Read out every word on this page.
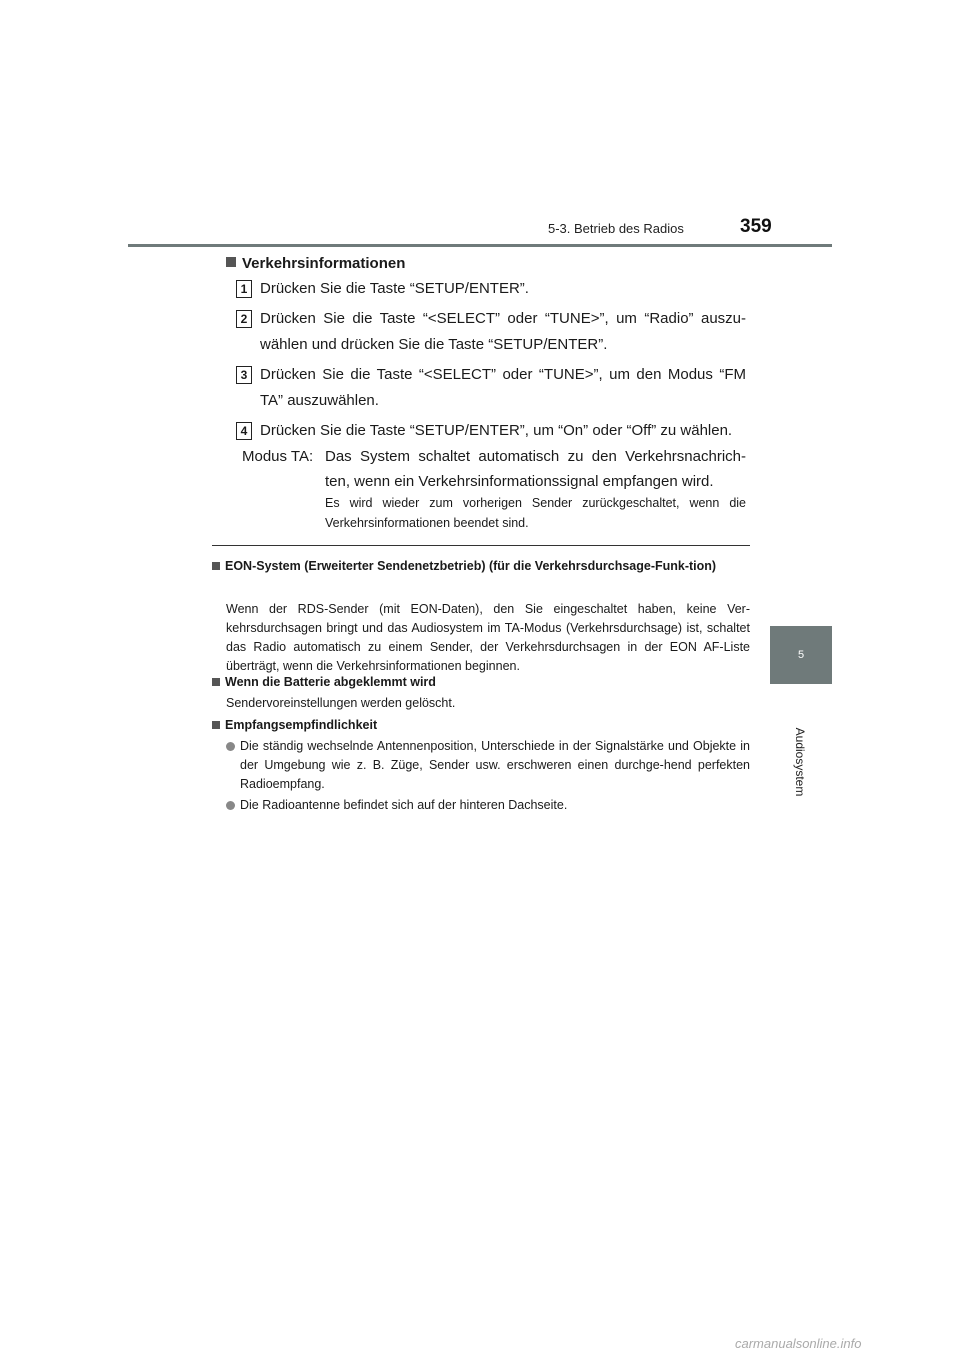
5-3. Betrieb des Radios	359
5
Audiosystem
Verkehrsinformationen
1 Drücken Sie die Taste “SETUP/ENTER”.
2 Drücken Sie die Taste “<SELECT” oder “TUNE>”, um “Radio” auszu-wählen und drücken Sie die Taste “SETUP/ENTER”.
3 Drücken Sie die Taste “<SELECT” oder “TUNE>”, um den Modus “FM TA” auszuwählen.
4 Drücken Sie die Taste “SETUP/ENTER”, um “On” oder “Off” zu wählen.
Modus TA: Das System schaltet automatisch zu den Verkehrsnachrich-ten, wenn ein Verkehrsinformationssignal empfangen wird.
Es wird wieder zum vorherigen Sender zurückgeschaltet, wenn die Verkehrsinformationen beendet sind.
EON-System (Erweiterter Sendenetzbetrieb) (für die Verkehrsdurchsage-Funk-tion)
Wenn der RDS-Sender (mit EON-Daten), den Sie eingeschaltet haben, keine Ver-kehrsdurchsagen bringt und das Audiosystem im TA-Modus (Verkehrsdurchsage) ist, schaltet das Radio automatisch zu einem Sender, der Verkehrsdurchsagen in der EON AF-Liste überträgt, wenn die Verkehrsinformationen beginnen.
Wenn die Batterie abgeklemmt wird
Sendervoreinstellungen werden gelöscht.
Empfangsempfindlichkeit
Die ständig wechselnde Antennenposition, Unterschiede in der Signalstärke und Objekte in der Umgebung wie z. B. Züge, Sender usw. erschweren einen durchge-hend perfekten Radioempfang.
Die Radioantenne befindet sich auf der hinteren Dachseite.
carmanualsonline.info
